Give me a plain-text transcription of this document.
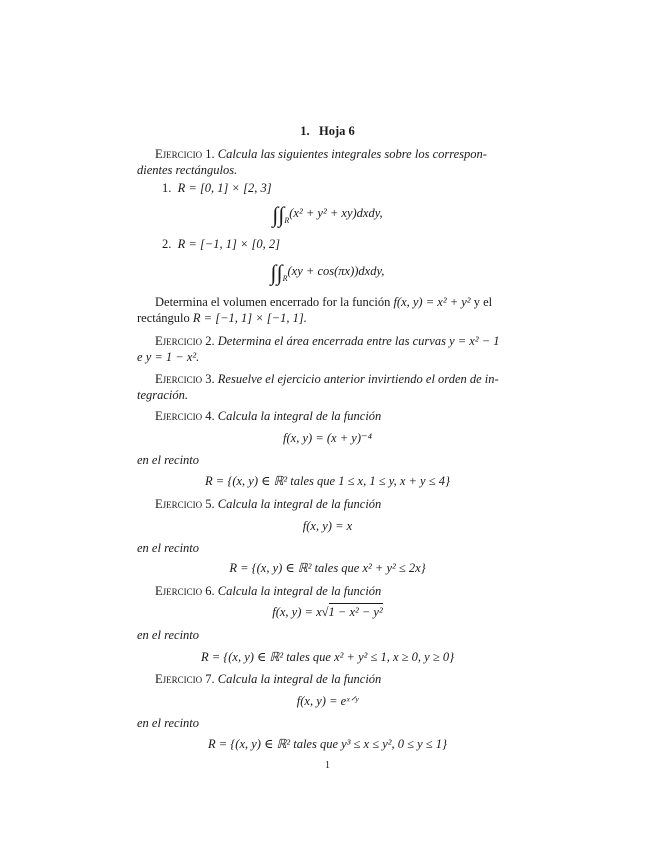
1. Hoja 6
Ejercicio 1. Calcula las siguientes integrales sobre los correspon-
dientes rectángulos.
1. R = [0, 1] × [2, 3]
$\int\int_R(x^2 + y^2$ + xy)dxdy,
2. R = [−1, 1] × [0, 2]
$\int\int_R(xy$ + cos(πx))dxdy,
Determina el volumen encerrado for la función f(x, y) = x² + y² y el
rectángulo R = [−1, 1] × [−1, 1].
Ejercicio 2. Determina el área encerrada entre las curvas y = x² − 1
e y = 1 − x².
Ejercicio 3. Resuelve el ejercicio anterior invirtiendo el orden de in-
tegración.
Ejercicio 4. Calcula la integral de la función
f(x, y) = (x + y)⁻⁴
en el recinto
R = {(x, y) ∈ ℝ² tales que 1 ≤ x, 1 ≤ y, x + y ≤ 4}
Ejercicio 5. Calcula la integral de la función
f(x, y) = x
en el recinto
R = {(x, y) ∈ ℝ² tales que x² + y² ≤ 2x}
Ejercicio 6. Calcula la integral de la función
f(x, y) = x√1 − x² − y²
en el recinto
R = {(x, y) ∈ ℝ² tales que x² + y² ≤ 1, x ≥ 0, y ≥ 0}
Ejercicio 7. Calcula la integral de la función
f(x, y) = eˣᐟʸ
en el recinto
R = {(x, y) ∈ ℝ² tales que y³ ≤ x ≤ y², 0 ≤ y ≤ 1}
1
